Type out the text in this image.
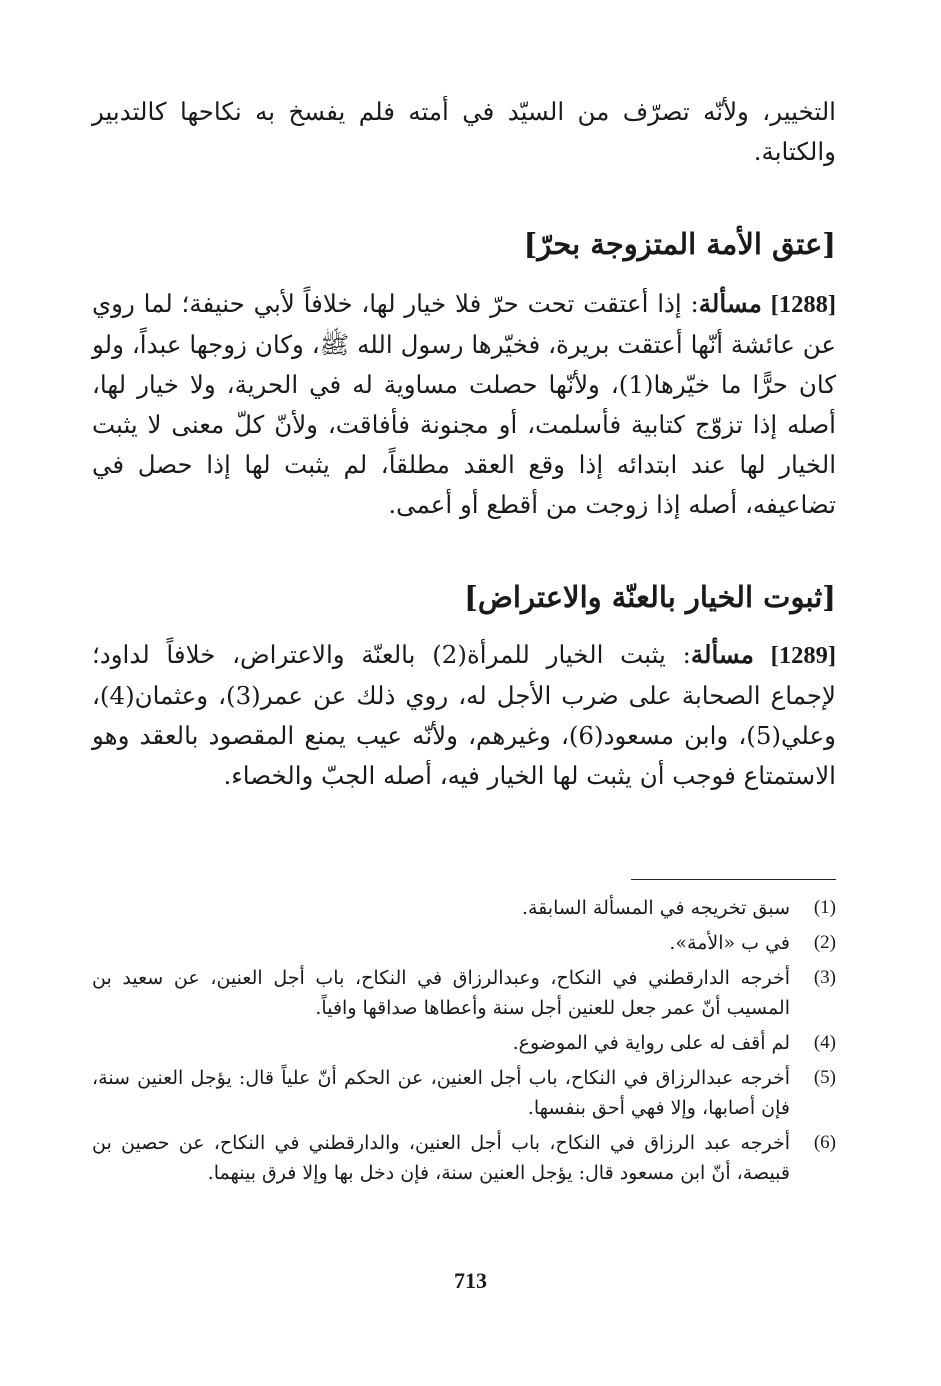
التخيير، ولأنّه تصرّف من السيّد في أمته فلم يفسخ به نكاحها كالتدبير والكتابة.

[عتق الأمة المتزوجة بحرّ]

[1288] مسألة: إذا أعتقت تحت حرّ فلا خيار لها، خلافاً لأبي حنيفة؛ لما روي عن عائشة أنّها أعتقت بريرة، فخيّرها رسول الله ﷺ، وكان زوجها عبداً، ولو كان حرًّا ما خيّرها(1)، ولأنّها حصلت مساوية له في الحرية، ولا خيار لها، أصله إذا تزوّج كتابية فأسلمت، أو مجنونة فأفاقت، ولأنّ كلّ معنى لا يثبت الخيار لها عند ابتدائه إذا وقع العقد مطلقاً، لم يثبت لها إذا حصل في تضاعيفه، أصله إذا زوجت من أقطع أو أعمى.

[ثبوت الخيار بالعنّة والاعتراض]

[1289] مسألة: يثبت الخيار للمرأة(2) بالعنّة والاعتراض، خلافاً لداود؛ لإجماع الصحابة على ضرب الأجل له، روي ذلك عن عمر(3)، وعثمان(4)، وعلي(5)، وابن مسعود(6)، وغيرهم، ولأنّه عيب يمنع المقصود بالعقد وهو الاستمتاع فوجب أن يثبت لها الخيار فيه، أصله الجبّ والخصاء.

(1)
سبق تخريجه في المسألة السابقة.
(2)
في ب «الأمة».
(3)
أخرجه الدارقطني في النكاح، وعبدالرزاق في النكاح، باب أجل العنين، عن سعيد بن المسيب أنّ عمر جعل للعنين أجل سنة وأعطاها صداقها وافياً.
(4)
لم أقف له على رواية في الموضوع.
(5)
أخرجه عبدالرزاق في النكاح، باب أجل العنين، عن الحكم أنّ علياً قال: يؤجل العنين سنة، فإن أصابها، وإلا فهي أحق بنفسها.
(6)
أخرجه عبد الرزاق في النكاح، باب أجل العنين، والدارقطني في النكاح، عن حصين بن قبيصة، أنّ ابن مسعود قال: يؤجل العنين سنة، فإن دخل بها وإلا فرق بينهما.
713
